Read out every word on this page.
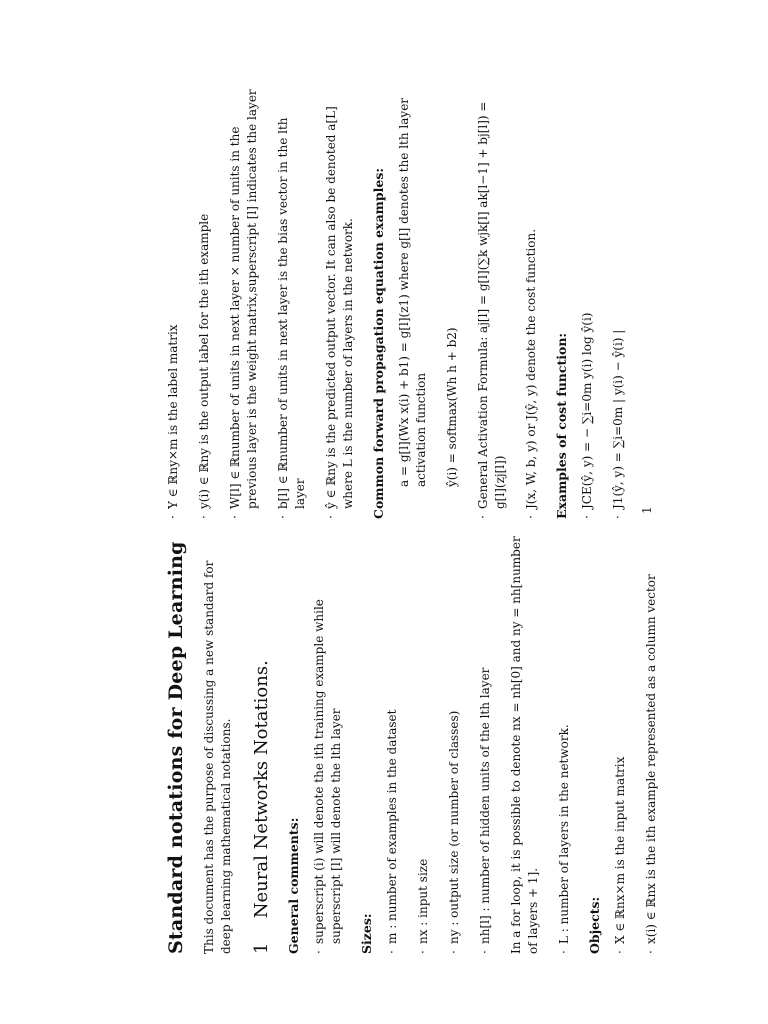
Standard notations for Deep Learning This document has the purpose of discussing a new standard for deep learning mathematical notations. 1 Neural Networks Notations. General comments: ·superscript (i) will denote the ith training example while superscript [l] will denote the lth layer Sizes: ·m : number of examples in the dataset
·nx : input size
·ny : output size (or number of classes)
·nh[l] : number of hidden units of the lth layer In a for loop, it is possible to denote nx = nh[0] and ny = nh[number of layers + 1]. ·L : number of layers in the network. Objects: ·X ∈ ℝnx×m is the input matrix
·x(i) ∈ ℝnx is the ith example represented as a column vector
·Y ∈ ℝny×m is the label matrix
·y(i) ∈ ℝny is the output label for the ith example
·W[l] ∈ ℝnumber of units in next layer × number of units in the previous layer is the weight matrix,superscript [l] indicates the layer
·b[l] ∈ ℝnumber of units in next layer is the bias vector in the lth layer
·ŷ ∈ ℝny is the predicted output vector. It can also be denoted a[L] where L is the number of layers in the network. Common forward propagation equation examples: a = g[l](Wx x(i) + b1) = g[l](z1) where g[l] denotes the lth layer activation function ŷ(i) = softmax(Wh h + b2)
·General Activation Formula: aj[l] = g[l](∑k wjk[l] ak[l−1] + bj[l]) = g[l](zj[l])
·J(x, W, b, y) or J(ŷ, y) denote the cost function. Examples of cost function: ·JCE(ŷ, y) = − ∑i=0m y(i) log ŷ(i)
·J1(ŷ, y) = ∑i=0m | y(i) − ŷ(i) |
1
